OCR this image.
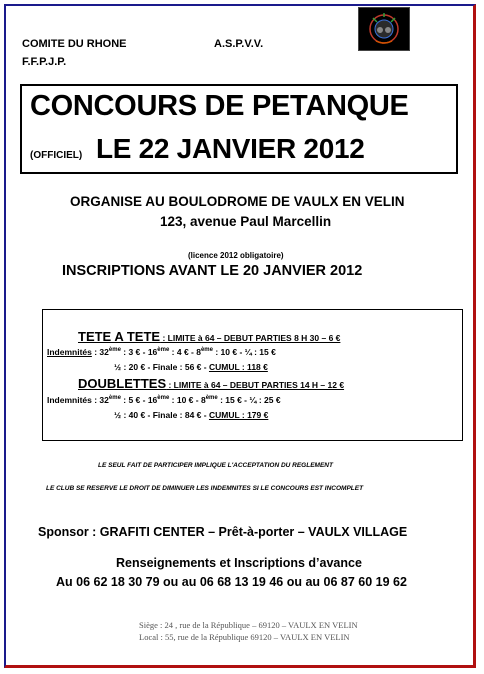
COMITE DU RHONE
F.F.P.J.P.
A.S.P.V.V.
CONCOURS DE PETANQUE
(OFFICIEL) LE 22 JANVIER 2012
ORGANISE AU BOULODROME DE VAULX EN VELIN
123, avenue Paul Marcellin
(licence 2012 obligatoire)
INSCRIPTIONS AVANT LE 20 JANVIER 2012
TETE A TETE : LIMITE à 64 – DEBUT PARTIES 8 H 30 – 6 €
Indemnités : 32ème : 3 € - 16ème : 4 € - 8ème : 10 € - ¼ : 15 €
½ : 20 € - Finale : 56 € - CUMUL : 118 €
DOUBLETTES : LIMITE à 64 – DEBUT PARTIES 14 H – 12 €
Indemnités : 32ème : 5 € - 16ème : 10 € - 8ème : 15 € - ¼ : 25 €
½ : 40 € - Finale : 84 € - CUMUL : 179 €
LE SEUL FAIT DE PARTICIPER IMPLIQUE L'ACCEPTATION DU REGLEMENT
LE CLUB SE RESERVE LE DROIT DE DIMINUER LES INDEMNITES SI LE CONCOURS EST INCOMPLET
Sponsor : GRAFITI CENTER – Prêt-à-porter – VAULX VILLAGE
Renseignements et Inscriptions d’avance
Au 06 62 18 30 79 ou au 06 68 13 19 46 ou au 06 87 60 19 62
Siège : 24 , rue de la République – 69120 – VAULX EN VELIN
Local : 55, rue de la République 69120 – VAULX EN VELIN
